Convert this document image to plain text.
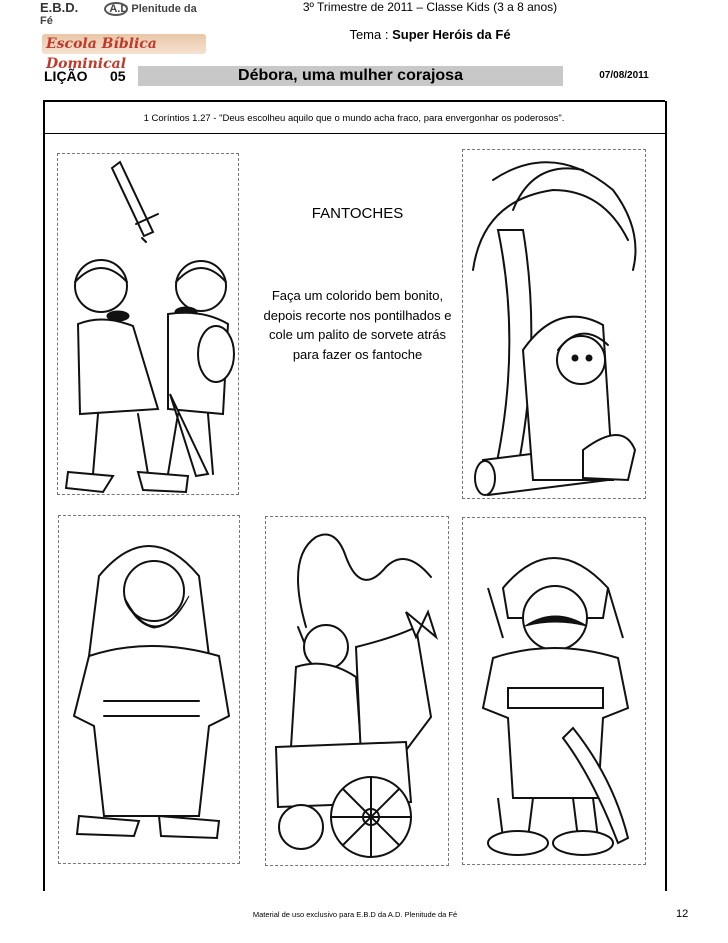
E.B.D.	A.D Plenitude da Fé
Escola Bíblica Dominical
3º Trimestre de 2011 – Classe Kids (3 a 8 anos)
Tema : Super Heróis da Fé
LIÇÃO 05	Débora, uma mulher corajosa	07/08/2011
1 Coríntios 1.27 - "Deus escolheu aquilo que o mundo acha fraco, para envergonhar os poderosos".
FANTOCHES
Faça um colorido bem bonito, depois recorte nos pontilhados e cole um palito de sorvete atrás para fazer os fantoche
Material de uso exclusivo para E.B.D da A.D. Plenitude da Fé	12
